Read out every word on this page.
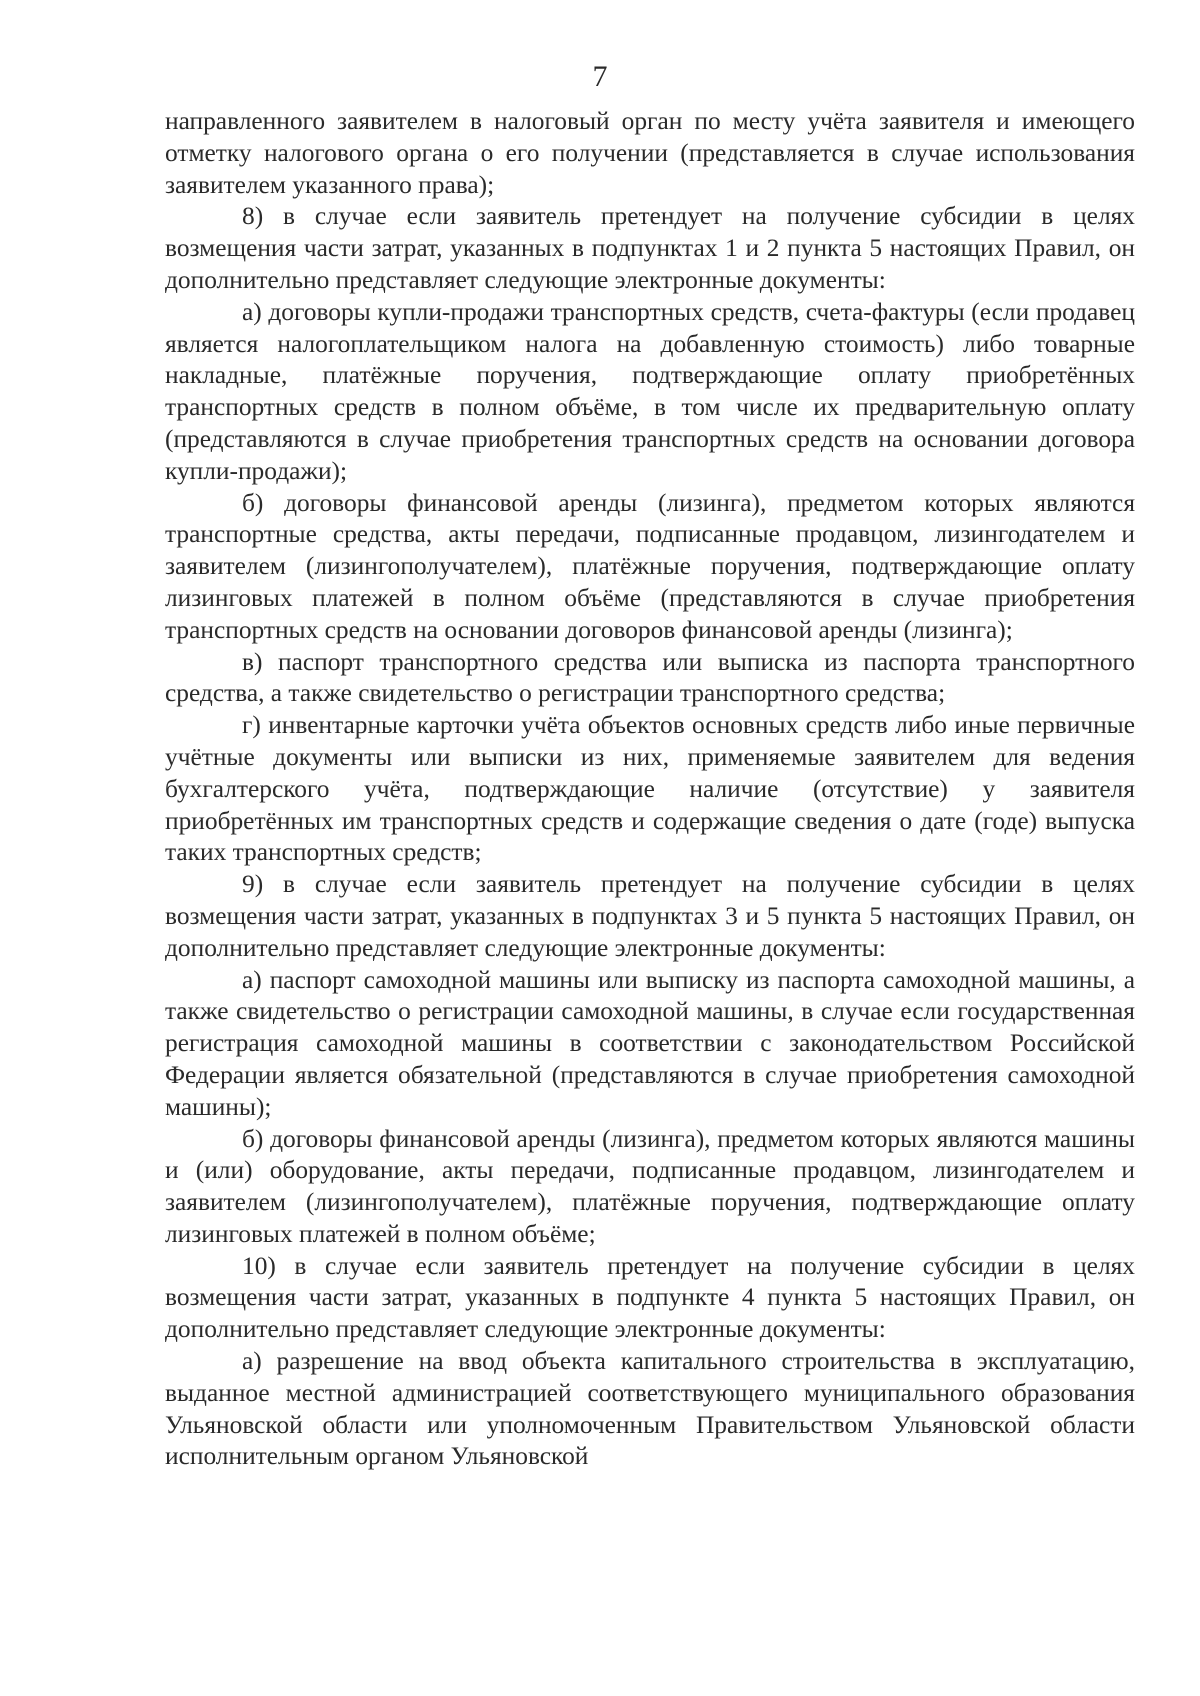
7

направленного заявителем в налоговый орган по месту учёта заявителя и имеющего отметку налогового органа о его получении (представляется в случае использования заявителем указанного права);

8) в случае если заявитель претендует на получение субсидии в целях возмещения части затрат, указанных в подпунктах 1 и 2 пункта 5 настоящих Правил, он дополнительно представляет следующие электронные документы:

а) договоры купли-продажи транспортных средств, счета-фактуры (если продавец является налогоплательщиком налога на добавленную стоимость) либо товарные накладные, платёжные поручения, подтверждающие оплату приобретённых транспортных средств в полном объёме, в том числе их предварительную оплату (представляются в случае приобретения транспортных средств на основании договора купли-продажи);

б) договоры финансовой аренды (лизинга), предметом которых являются транспортные средства, акты передачи, подписанные продавцом, лизингодателем и заявителем (лизингополучателем), платёжные поручения, подтверждающие оплату лизинговых платежей в полном объёме (представляются в случае приобретения транспортных средств на основании договоров финансовой аренды (лизинга);

в) паспорт транспортного средства или выписка из паспорта транспортного средства, а также свидетельство о регистрации транспортного средства;

г) инвентарные карточки учёта объектов основных средств либо иные первичные учётные документы или выписки из них, применяемые заявителем для ведения бухгалтерского учёта, подтверждающие наличие (отсутствие) у заявителя приобретённых им транспортных средств и содержащие сведения о дате (годе) выпуска таких транспортных средств;

9) в случае если заявитель претендует на получение субсидии в целях возмещения части затрат, указанных в подпунктах 3 и 5 пункта 5 настоящих Правил, он дополнительно представляет следующие электронные документы:

а) паспорт самоходной машины или выписку из паспорта самоходной машины, а также свидетельство о регистрации самоходной машины, в случае если государственная регистрация самоходной машины в соответствии с законодательством Российской Федерации является обязательной (представляются в случае приобретения самоходной машины);

б) договоры финансовой аренды (лизинга), предметом которых являются машины и (или) оборудование, акты передачи, подписанные продавцом, лизингодателем и заявителем (лизингополучателем), платёжные поручения, подтверждающие оплату лизинговых платежей в полном объёме;

10) в случае если заявитель претендует на получение субсидии в целях возмещения части затрат, указанных в подпункте 4 пункта 5 настоящих Правил, он дополнительно представляет следующие электронные документы:

а) разрешение на ввод объекта капитального строительства в эксплуатацию, выданное местной администрацией соответствующего муниципального образования Ульяновской области или уполномоченным Правительством Ульяновской области исполнительным органом Ульяновской
